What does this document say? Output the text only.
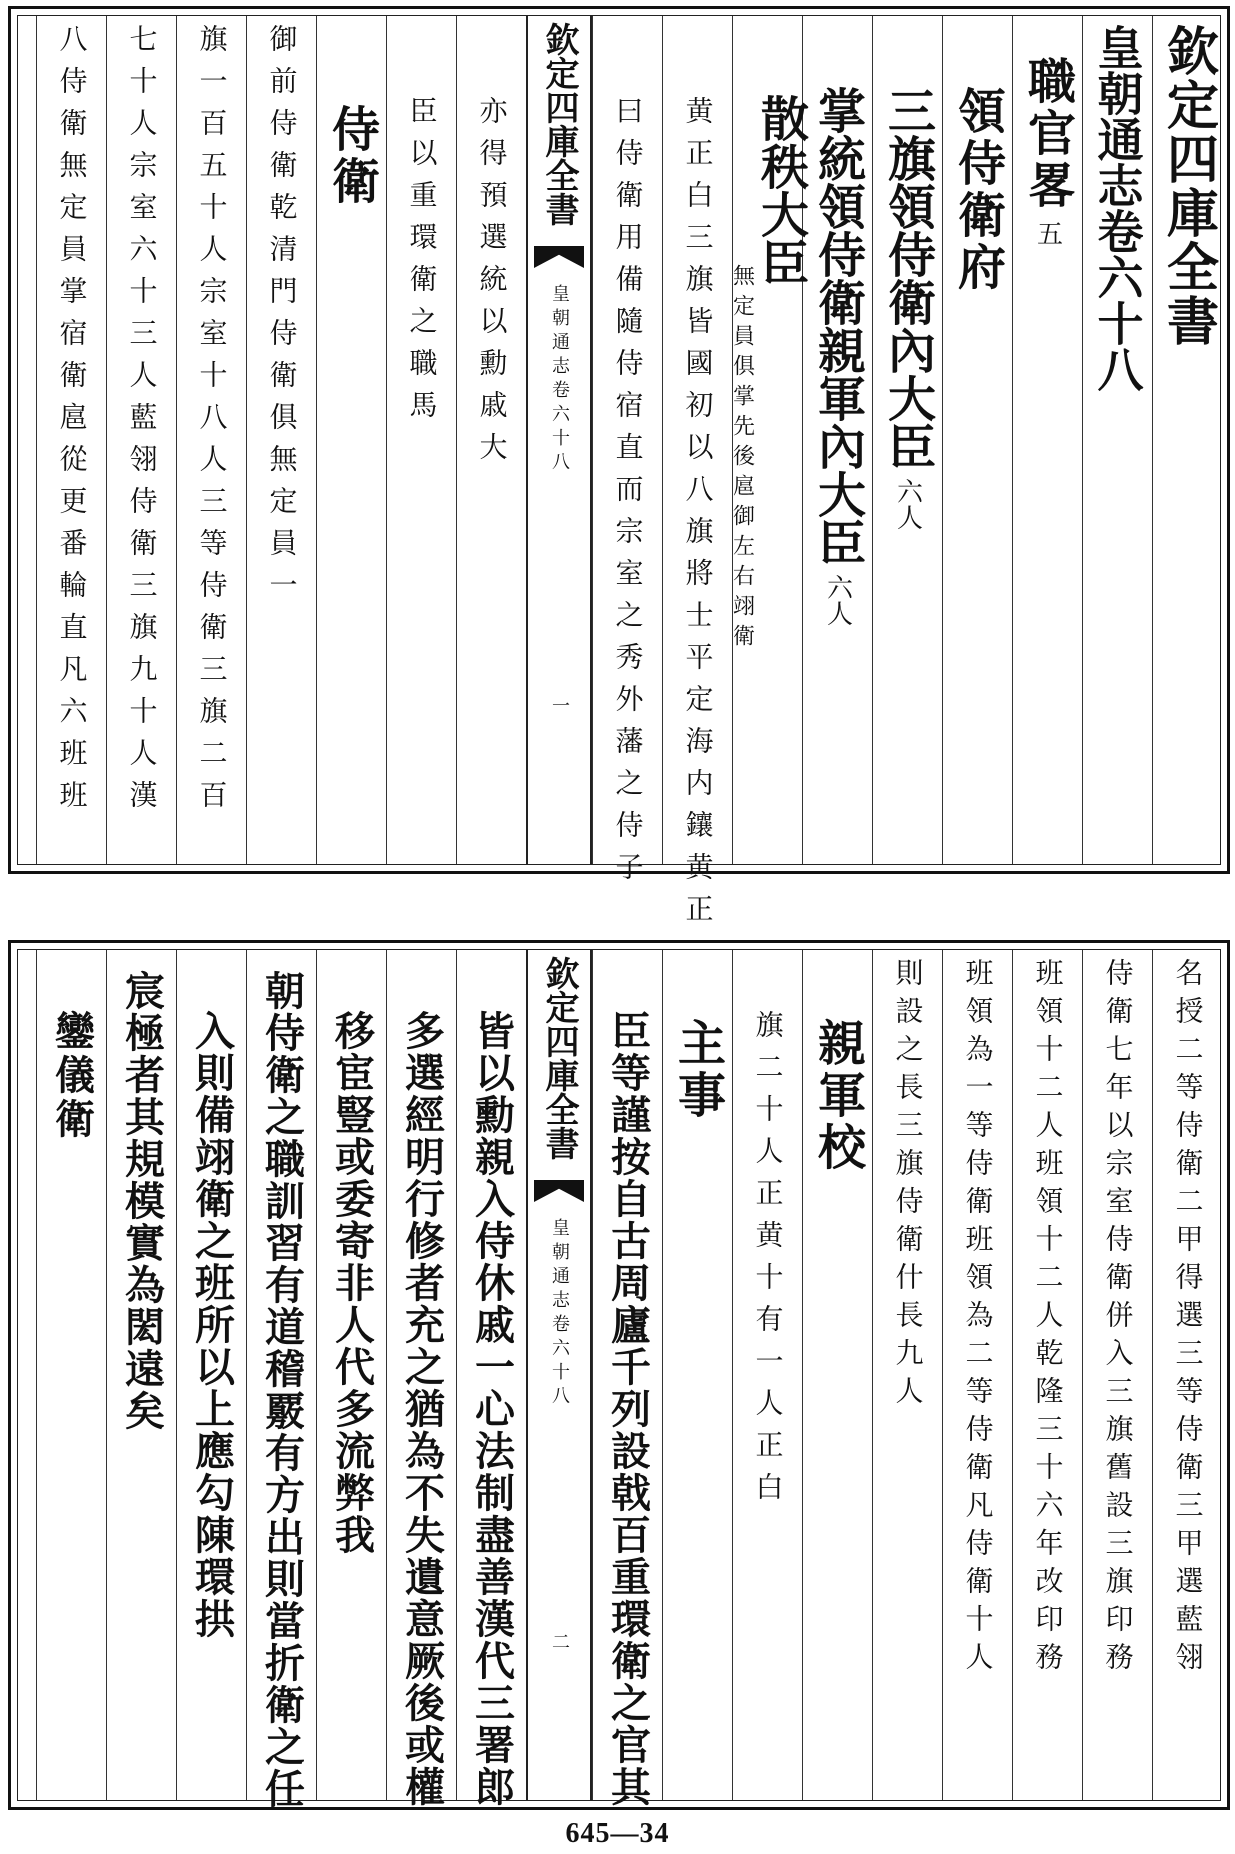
欽定四庫全書
皇朝通志卷六十八
職官畧五
領侍衛府
三旗領侍衛內大臣六人
掌統領侍衛親軍內大臣六人
散秩大臣
無定員俱掌先後扈御左右翊衛
黄正白三旗皆國初以八旗將士平定海内鑲黄正
曰侍衛用備隨侍宿直而宗室之秀外藩之侍子
欽定四庫全書
皇朝通志卷六十八
一
亦得預選統以勳戚大
臣以重環衛之職馬
侍衛
御前侍衛乾清門侍衛俱無定員一
旗一百五十人宗室十八人三等侍衛三旗二百
七十人宗室六十三人藍翎侍衛三旗九十人漢
八侍衛無定員掌宿衛扈從更番輪直凡六班班
名授二等侍衛二甲得選三等侍衛三甲選藍翎
侍衛七年以宗室侍衛併入三旗舊設三旗印務
班領十二人班領十二人乾隆三十六年改印務
班領為一等侍衛班領為二等侍衛凡侍衛十人
則設之長三旗侍衛什長九人
親軍校
旗二十人正黄十有一人正白
主事
臣等謹按自古周廬千列設戟百重環衛之官其
欽定四庫全書
皇朝通志卷六十八
二
皆以勳親入侍休戚一心法制盡善漢代三署郎
多選經明行修者充之猶為不失遺意厥後或權
移宦豎或委寄非人代多流弊我
朝侍衛之職訓習有道稽覈有方出則當折衛之任
入則備翊衛之班所以上應勾陳環拱
宸極者其規模實為閎遠矣
鑾儀衛
645—34
